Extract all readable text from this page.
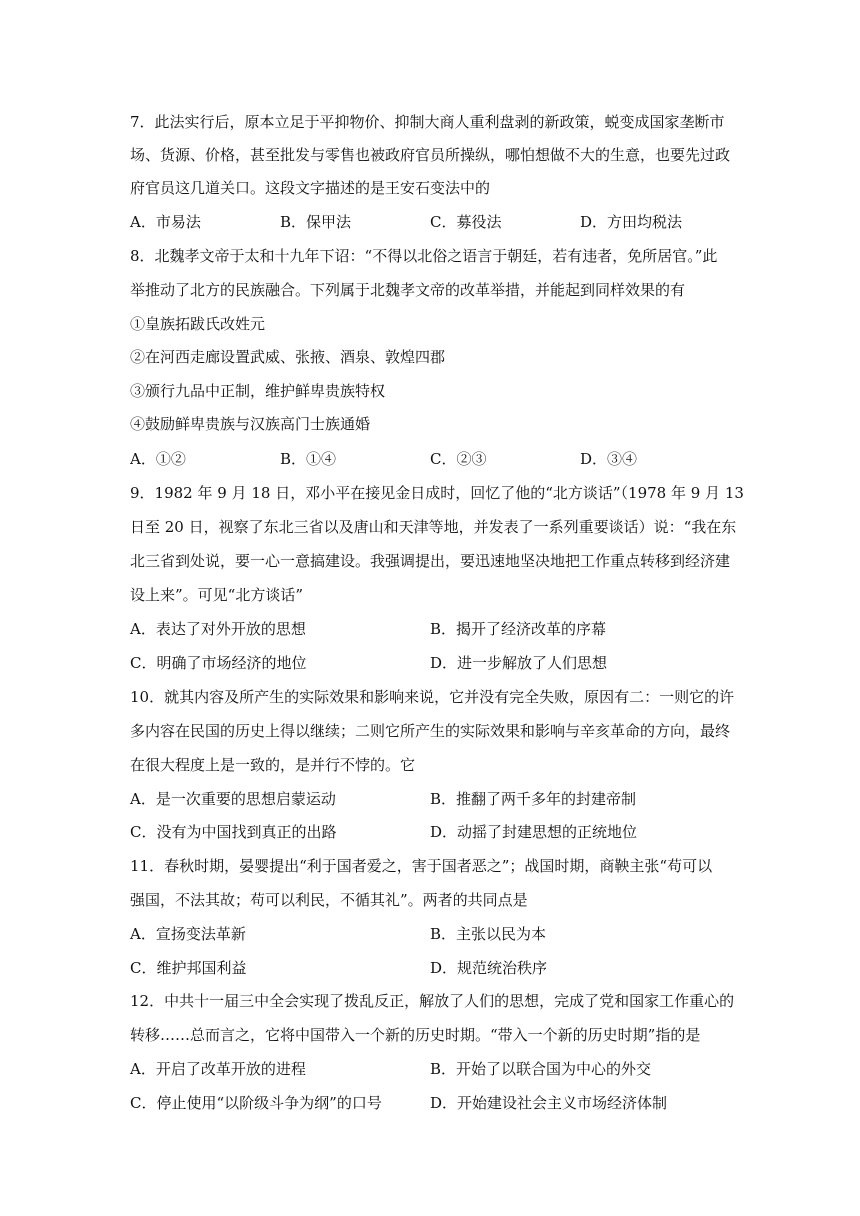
7．此法实行后，原本立足于平抑物价、抑制大商人重利盘剥的新政策，蜕变成国家垄断市
场、货源、价格，甚至批发与零售也被政府官员所操纵，哪怕想做不大的生意，也要先过政
府官员这几道关口。这段文字描述的是王安石变法中的
A．市易法	B．保甲法	C．募役法	D．方田均税法
8．北魏孝文帝于太和十九年下诏：“不得以北俗之语言于朝廷，若有违者，免所居官。”此
举推动了北方的民族融合。下列属于北魏孝文帝的改革举措，并能起到同样效果的有
①皇族拓跋氏改姓元
②在河西走廊设置武威、张掖、酒泉、敦煌四郡
③颁行九品中正制，维护鲜卑贵族特权
④鼓励鲜卑贵族与汉族高门士族通婚
A．①②	B．①④	C．②③	D．③④
9．1982 年 9 月 18 日，邓小平在接见金日成时，回忆了他的“北方谈话”（1978 年 9 月 13
日至 20 日，视察了东北三省以及唐山和天津等地，并发表了一系列重要谈话）说：“我在东
北三省到处说，要一心一意搞建设。我强调提出，要迅速地坚决地把工作重点转移到经济建
设上来”。可见“北方谈话”
A．表达了对外开放的思想	B．揭开了经济改革的序幕
C．明确了市场经济的地位	D．进一步解放了人们思想
10．就其内容及所产生的实际效果和影响来说，它并没有完全失败，原因有二：一则它的许
多内容在民国的历史上得以继续；二则它所产生的实际效果和影响与辛亥革命的方向，最终
在很大程度上是一致的，是并行不悖的。它
A．是一次重要的思想启蒙运动	B．推翻了两千多年的封建帝制
C．没有为中国找到真正的出路	D．动摇了封建思想的正统地位
11．春秋时期，晏婴提出“利于国者爱之，害于国者恶之”；战国时期，商鞅主张“苟可以
强国，不法其故；苟可以利民，不循其礼”。两者的共同点是
A．宣扬变法革新	B．主张以民为本
C．维护邦国利益	D．规范统治秩序
12．中共十一届三中全会实现了拨乱反正，解放了人们的思想，完成了党和国家工作重心的
转移……总而言之，它将中国带入一个新的历史时期。“带入一个新的历史时期”指的是
A．开启了改革开放的进程	B．开始了以联合国为中心的外交
C．停止使用“以阶级斗争为纲”的口号	D．开始建设社会主义市场经济体制
